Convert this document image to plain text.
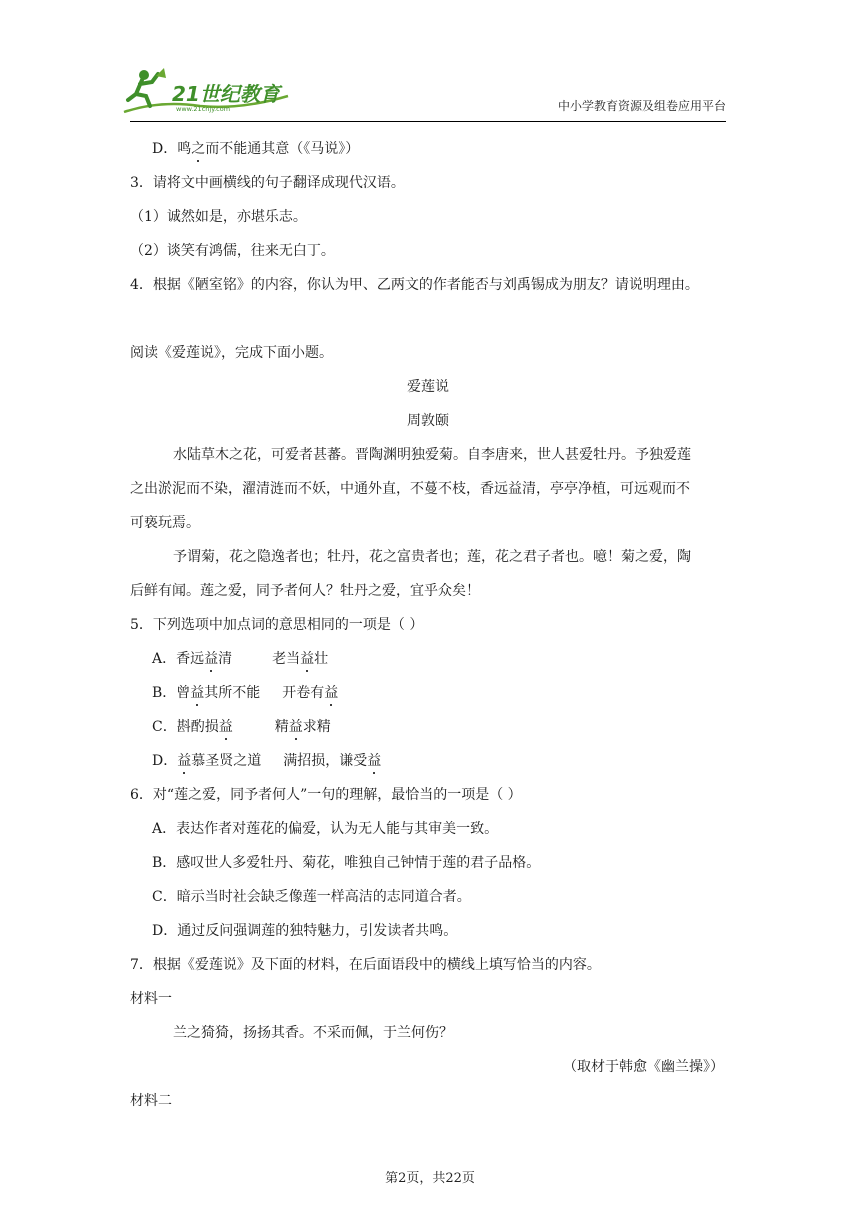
21世纪教育
www.21cnjy.com	中小学教育资源及组卷应用平台
D．鸣之而不能通其意（《马说》）
3．请将文中画横线的句子翻译成现代汉语。
（1）诚然如是，亦堪乐志。
（2）谈笑有鸿儒，往来无白丁。
4．根据《陋室铭》的内容，你认为甲、乙两文的作者能否与刘禹锡成为朋友？请说明理由。
阅读《爱莲说》，完成下面小题。
爱莲说
周敦颐
水陆草木之花，可爱者甚蕃。晋陶渊明独爱菊。自李唐来，世人甚爱牡丹。予独爱莲
之出淤泥而不染，濯清涟而不妖，中通外直，不蔓不枝，香远益清，亭亭净植，可远观而不
可亵玩焉。
予谓菊，花之隐逸者也；牡丹，花之富贵者也；莲，花之君子者也。噫！菊之爱，陶
后鲜有闻。莲之爱，同予者何人？牡丹之爱，宜乎众矣！
5．下列选项中加点词的意思相同的一项是（ ）
A．香远益清	老当益壮
B．曾益其所不能 开卷有益
C．斟酌损益	精益求精
D．益慕圣贤之道 满招损，谦受益
6．对“莲之爱，同予者何人”一句的理解，最恰当的一项是（ ）
A．表达作者对莲花的偏爱，认为无人能与其审美一致。
B．感叹世人多爱牡丹、菊花，唯独自己钟情于莲的君子品格。
C．暗示当时社会缺乏像莲一样高洁的志同道合者。
D．通过反问强调莲的独特魅力，引发读者共鸣。
7．根据《爱莲说》及下面的材料，在后面语段中的横线上填写恰当的内容。
材料一
兰之猗猗，扬扬其香。不采而佩，于兰何伤？
（取材于韩愈《幽兰操》）
材料二
第2页，共22页
